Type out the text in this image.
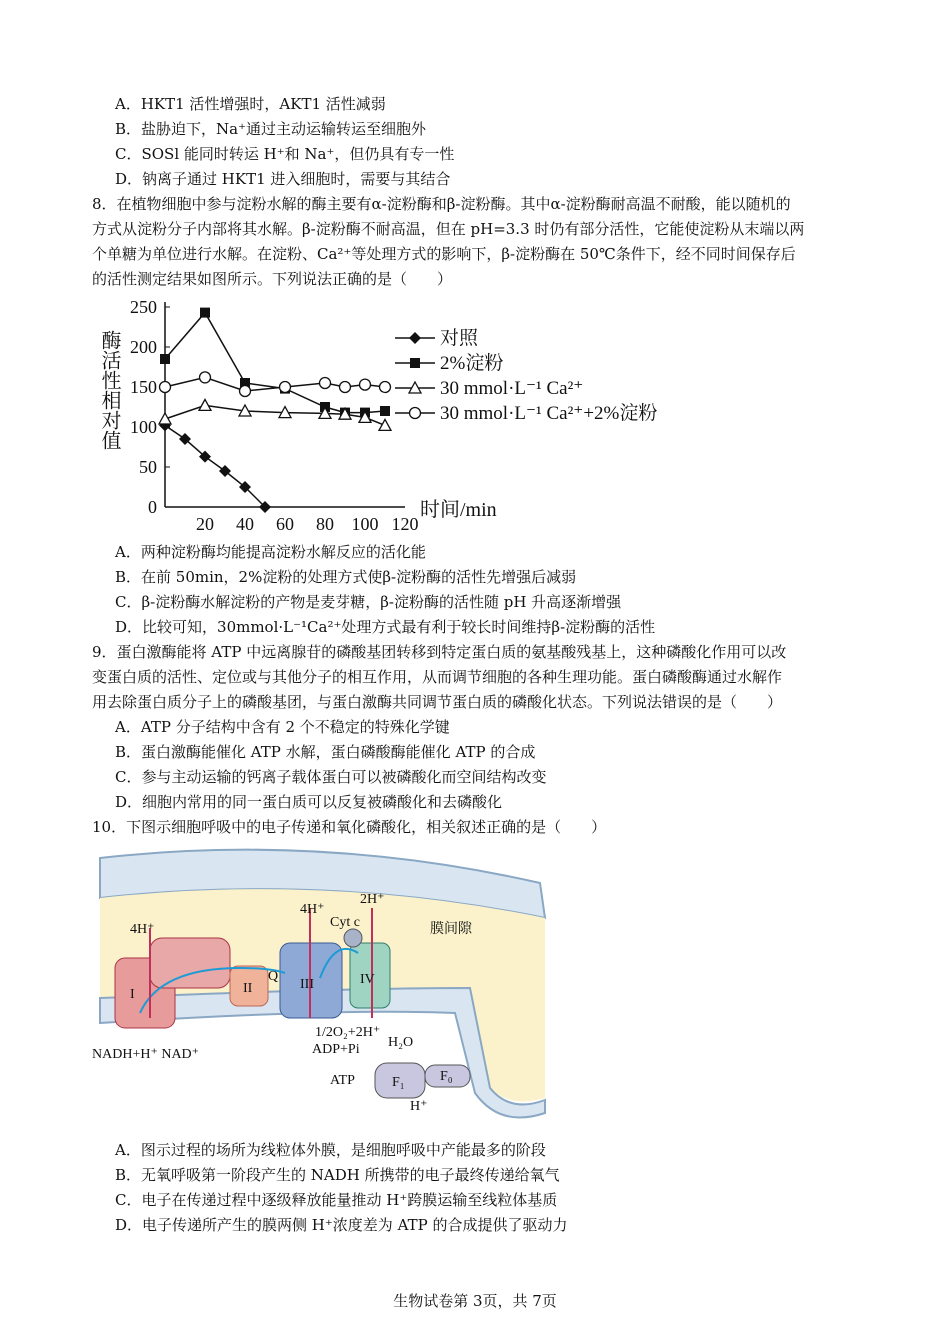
A．HKT1 活性增强时，AKT1 活性减弱
B．盐胁迫下，Na⁺通过主动运输转运至细胞外
C．SOSl 能同时转运 H⁺和 Na⁺，但仍具有专一性
D．钠离子通过 HKT1 进入细胞时，需要与其结合
8．在植物细胞中参与淀粉水解的酶主要有α-淀粉酶和β-淀粉酶。其中α-淀粉酶耐高温不耐酸，能以随机的
方式从淀粉分子内部将其水解。β-淀粉酶不耐高温，但在 pH=3.3 时仍有部分活性，它能使淀粉从末端以两
个单糖为单位进行水解。在淀粉、Ca²⁺等处理方式的影响下，β-淀粉酶在 50℃条件下，经不同时间保存后
的活性测定结果如图所示。下列说法正确的是（　　）
酶活性相对值
0
50
100
150
200
250
20 40 60 80 100 120
时间/min
对照
2%淀粉
30 mmol·L⁻¹ Ca²⁺
30 mmol·L⁻¹ Ca²⁺+2%淀粉
A．两种淀粉酶均能提高淀粉水解反应的活化能
B．在前 50min，2%淀粉的处理方式使β-淀粉酶的活性先增强后减弱
C．β-淀粉酶水解淀粉的产物是麦芽糖，β-淀粉酶的活性随 pH 升高逐渐增强
D．比较可知，30mmol·L⁻¹Ca²⁺处理方式最有利于较长时间维持β-淀粉酶的活性
9．蛋白激酶能将 ATP 中远离腺苷的磷酸基团转移到特定蛋白质的氨基酸残基上，这种磷酸化作用可以改
变蛋白质的活性、定位或与其他分子的相互作用，从而调节细胞的各种生理功能。蛋白磷酸酶通过水解作
用去除蛋白质分子上的磷酸基团，与蛋白激酶共同调节蛋白质的磷酸化状态。下列说法错误的是（　　）
A．ATP 分子结构中含有 2 个不稳定的特殊化学键
B．蛋白激酶能催化 ATP 水解，蛋白磷酸酶能催化 ATP 的合成
C．参与主动运输的钙离子载体蛋白可以被磷酸化而空间结构改变
D．细胞内常用的同一蛋白质可以反复被磷酸化和去磷酸化
10．下图示细胞呼吸中的电子传递和氧化磷酸化，相关叙述正确的是（　　）
4H⁺
4H⁺
2H⁺
Cyt c	膜间隙
I	II	III	IV
Q
1/2O₂+2H⁺
H₂O
NADH+H⁺ NAD⁺	ADP+Pi
ATP	F₀
F₁
H⁺
A．图示过程的场所为线粒体外膜，是细胞呼吸中产能最多的阶段
B．无氧呼吸第一阶段产生的 NADH 所携带的电子最终传递给氧气
C．电子在传递过程中逐级释放能量推动 H⁺跨膜运输至线粒体基质
D．电子传递所产生的膜两侧 H⁺浓度差为 ATP 的合成提供了驱动力
生物试卷第 3页，共 7页
